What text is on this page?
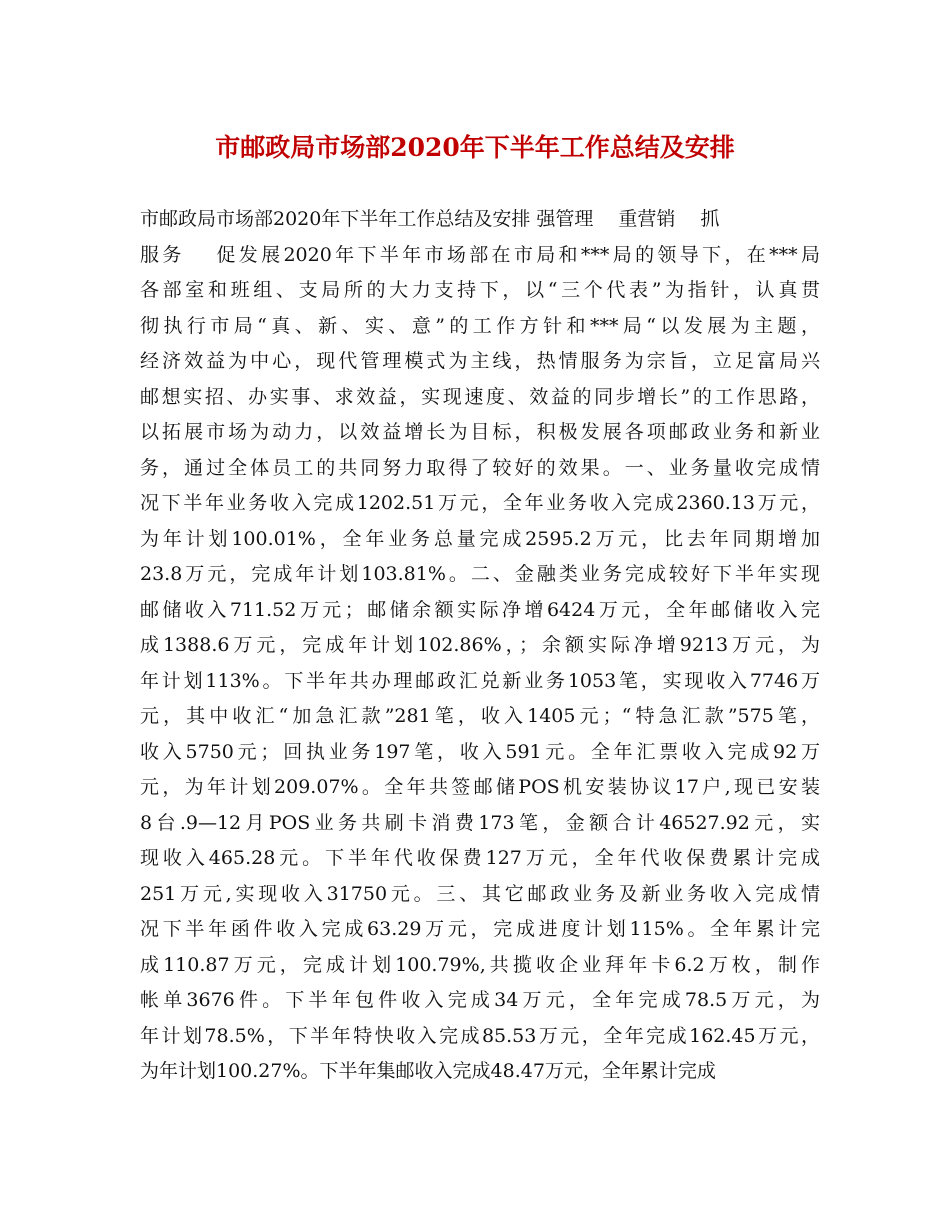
市邮政局市场部2020年下半年工作总结及安排
市邮政局市场部2020年下半年工作总结及安排 强管理 　重营销 　抓
服务 　促发展2020年下半年市场部在市局和***局的领导下，在***局
各部室和班组、支局所的大力支持下，以“三个代表”为指针，认真贯
彻执行市局“真、新、实、意”的工作方针和***局“以发展为主题，
经济效益为中心，现代管理模式为主线，热情服务为宗旨，立足富局兴
邮想实招、办实事、求效益，实现速度、效益的同步增长”的工作思路，
以拓展市场为动力，以效益增长为目标，积极发展各项邮政业务和新业
务，通过全体员工的共同努力取得了较好的效果。一、业务量收完成情
况下半年业务收入完成1202.51万元，全年业务收入完成2360.13万元，
为年计划100.01%，全年业务总量完成2595.2万元，比去年同期增加
23.8万元，完成年计划103.81%。二、金融类业务完成较好下半年实现
邮储收入711.52万元；邮储余额实际净增6424万元，全年邮储收入完
成1388.6万元，完成年计划102.86%，；余额实际净增9213万元，为
年计划113%。下半年共办理邮政汇兑新业务1053笔，实现收入7746万
元，其中收汇“加急汇款”281笔，收入1405元；“特急汇款”575笔，
收入5750元；回执业务197笔，收入591元。全年汇票收入完成92万
元，为年计划209.07%。全年共签邮储POS机安装协议17户,现已安装
8台.9—12月POS业务共刷卡消费173笔，金额合计46527.92元，实
现收入465.28元。下半年代收保费127万元，全年代收保费累计完成
251万元,实现收入31750元。三、其它邮政业务及新业务收入完成情
况下半年函件收入完成63.29万元，完成进度计划115%。全年累计完
成110.87万元，完成计划100.79%,共揽收企业拜年卡6.2万枚，制作
帐单3676件。下半年包件收入完成34万元，全年完成78.5万元，为
年计划78.5%，下半年特快收入完成85.53万元，全年完成162.45万元，
为年计划100.27%。下半年集邮收入完成48.47万元，全年累计完成
